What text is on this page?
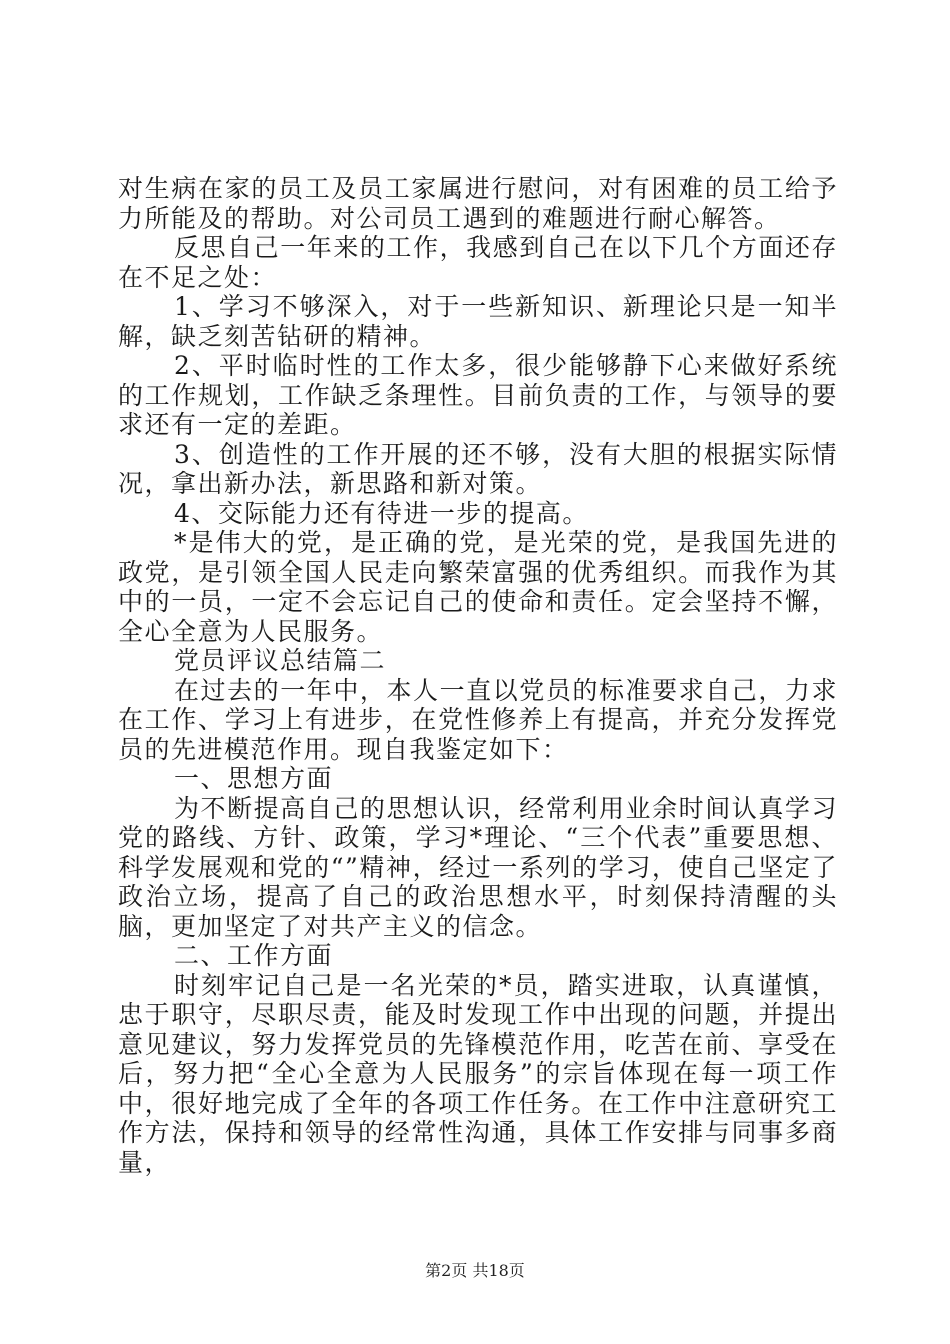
对生病在家的员工及员工家属进行慰问，对有困难的员工给予力所能及的帮助。对公司员工遇到的难题进行耐心解答。

反思自己一年来的工作，我感到自己在以下几个方面还存在不足之处：

1、学习不够深入，对于一些新知识、新理论只是一知半解，缺乏刻苦钻研的精神。

2、平时临时性的工作太多，很少能够静下心来做好系统的工作规划，工作缺乏条理性。目前负责的工作，与领导的要求还有一定的差距。

3、创造性的工作开展的还不够，没有大胆的根据实际情况，拿出新办法，新思路和新对策。

4、交际能力还有待进一步的提高。

*是伟大的党，是正确的党，是光荣的党，是我国先进的政党，是引领全国人民走向繁荣富强的优秀组织。而我作为其中的一员，一定不会忘记自己的使命和责任。定会坚持不懈，全心全意为人民服务。

党员评议总结篇二

在过去的一年中，本人一直以党员的标准要求自己，力求在工作、学习上有进步，在党性修养上有提高，并充分发挥党员的先进模范作用。现自我鉴定如下：

一、思想方面

为不断提高自己的思想认识，经常利用业余时间认真学习党的路线、方针、政策，学习*理论、“三个代表”重要思想、科学发展观和党的“”精神，经过一系列的学习，使自己坚定了政治立场，提高了自己的政治思想水平，时刻保持清醒的头脑，更加坚定了对共产主义的信念。

二、工作方面

时刻牢记自己是一名光荣的*员，踏实进取，认真谨慎，忠于职守，尽职尽责，能及时发现工作中出现的问题，并提出意见建议，努力发挥党员的先锋模范作用，吃苦在前、享受在后，努力把“全心全意为人民服务”的宗旨体现在每一项工作中，很好地完成了全年的各项工作任务。在工作中注意研究工作方法，保持和领导的经常性沟通，具体工作安排与同事多商量，

第2页 共18页
